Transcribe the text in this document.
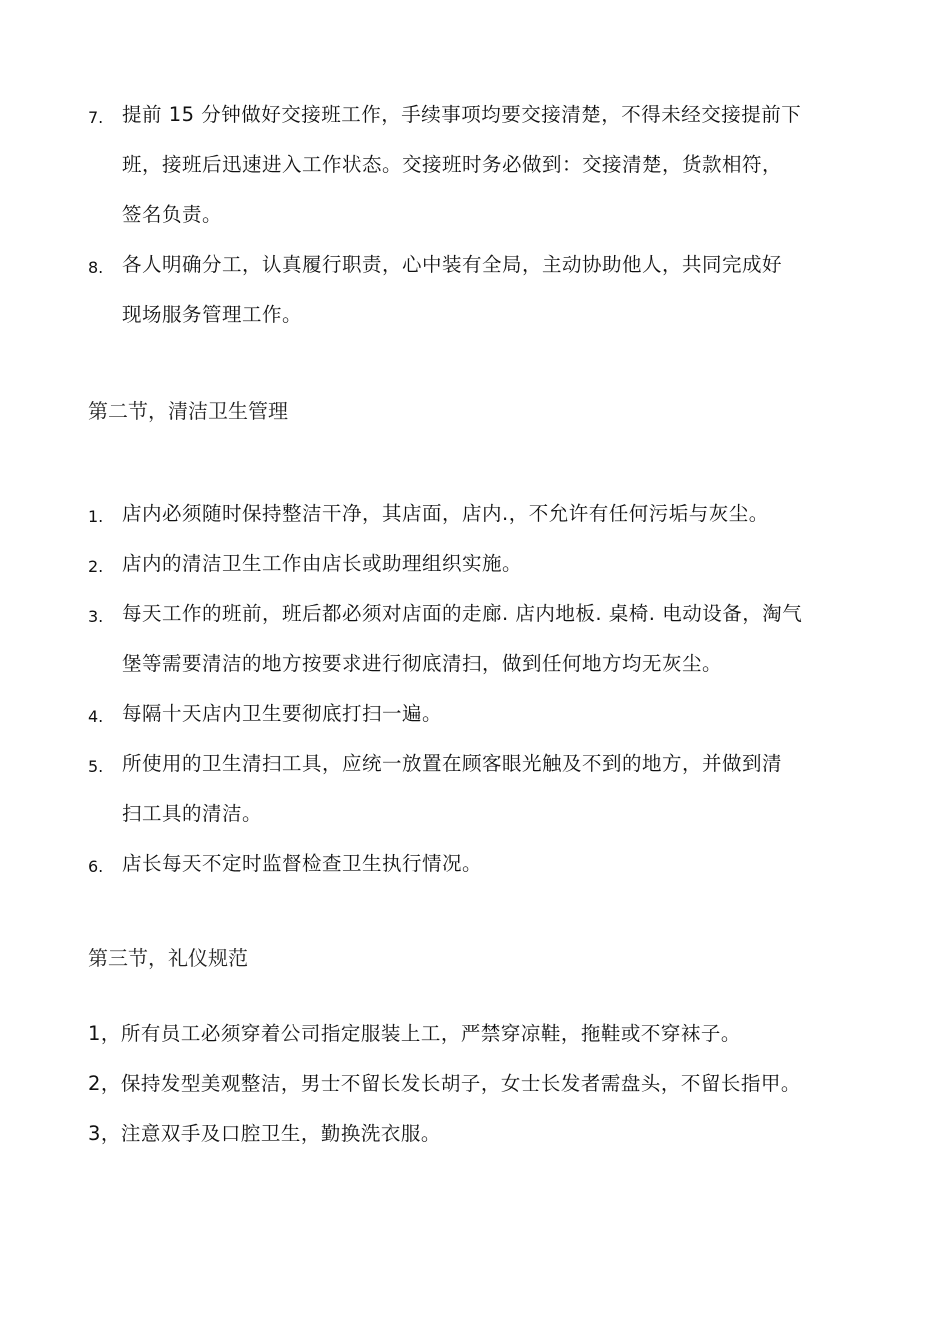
7. 提前 15 分钟做好交接班工作，手续事项均要交接清楚，不得未经交接提前下
班，接班后迅速进入工作状态。交接班时务必做到：交接清楚，货款相符，
签名负责。
8. 各人明确分工，认真履行职责，心中装有全局，主动协助他人，共同完成好
现场服务管理工作。
第二节，清洁卫生管理
1. 店内必须随时保持整洁干净，其店面，店内.，不允许有任何污垢与灰尘。
2. 店内的清洁卫生工作由店长或助理组织实施。
3. 每天工作的班前，班后都必须对店面的走廊. 店内地板. 桌椅. 电动设备，淘气
堡等需要清洁的地方按要求进行彻底清扫，做到任何地方均无灰尘。
4. 每隔十天店内卫生要彻底打扫一遍。
5. 所使用的卫生清扫工具，应统一放置在顾客眼光触及不到的地方，并做到清
扫工具的清洁。
6. 店长每天不定时监督检查卫生执行情况。
第三节，礼仪规范
1，所有员工必须穿着公司指定服装上工，严禁穿凉鞋，拖鞋或不穿袜子。
2，保持发型美观整洁，男士不留长发长胡子，女士长发者需盘头，不留长指甲。
3，注意双手及口腔卫生，勤换洗衣服。
